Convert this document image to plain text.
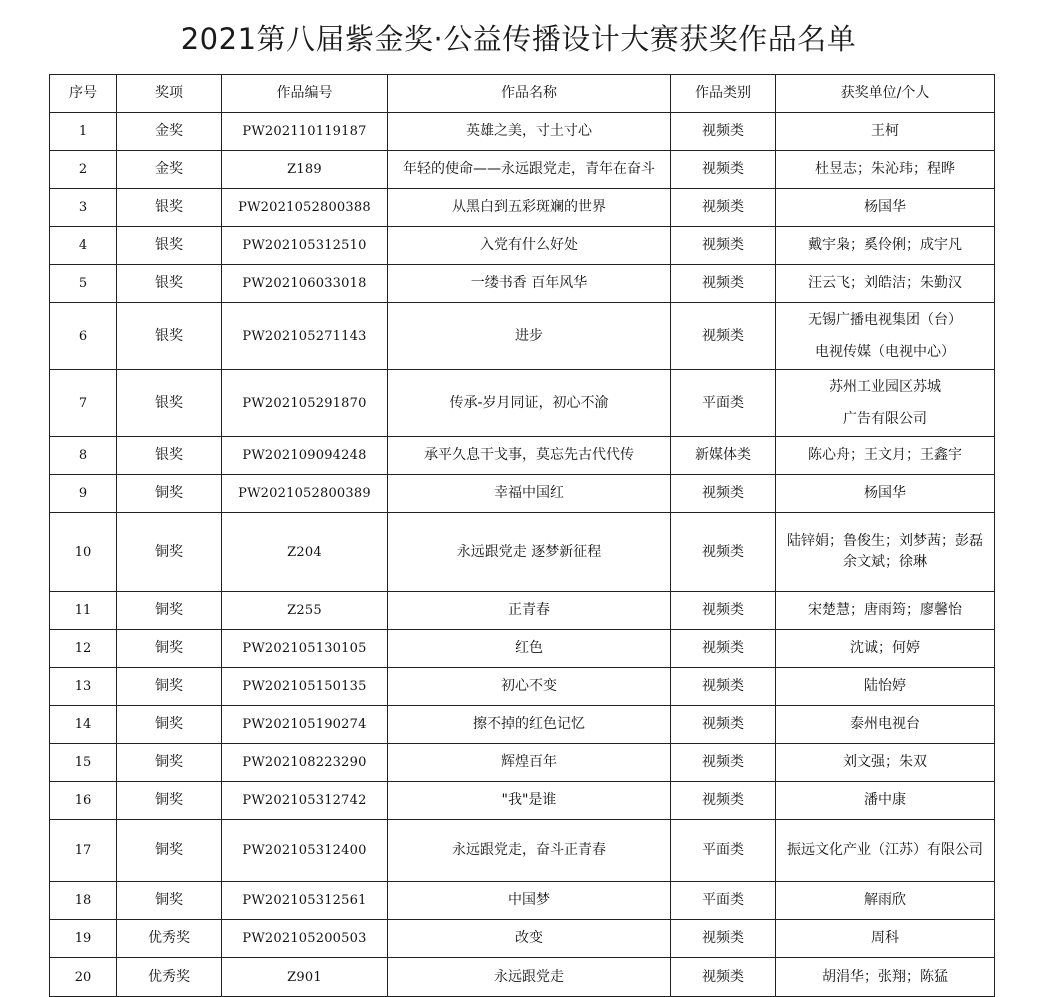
2021第八届紫金奖·公益传播设计大赛获奖作品名单
序号	奖项	作品编号	作品名称	作品类别	获奖单位/个人
1	金奖	PW202110119187	英雄之美，寸土寸心	视频类	王柯

2	金奖	Z189	年轻的使命——永远跟党走，青年在奋斗	视频类	杜昱志；朱沁玮；程晔

3	银奖	PW2021052800388	从黑白到五彩斑斓的世界	视频类	杨国华

4	银奖	PW202105312510	入党有什么好处	视频类	戴宇枭；奚伶俐；成宇凡

5	银奖	PW202106033018	一缕书香 百年风华	视频类	汪云飞；刘皓洁；朱勤汉

6	银奖	PW202105271143	进步	视频类	无锡广播电视集团（台）
电视传媒（电视中心）

7	银奖	PW202105291870	传承-岁月同证，初心不渝	平面类	苏州工业园区苏城
广告有限公司

8	银奖	PW202109094248	承平久息干戈事，莫忘先古代代传	新媒体类	陈心舟；王文月；王鑫宇

9	铜奖	PW2021052800389	幸福中国红	视频类	杨国华

10	铜奖	Z204	永远跟党走 逐梦新征程	视频类	陆锌娟；鲁俊生；刘梦茜；彭磊
余文斌；徐琳

11	铜奖	Z255	正青春	视频类	宋楚慧；唐雨筠；廖馨怡

12	铜奖	PW202105130105	红色	视频类	沈诚；何婷

13	铜奖	PW202105150135	初心不变	视频类	陆怡婷

14	铜奖	PW202105190274	擦不掉的红色记忆	视频类	泰州电视台

15	铜奖	PW202108223290	辉煌百年	视频类	刘文强；朱双

16	铜奖	PW202105312742	"我"是谁	视频类	潘中康

17	铜奖	PW202105312400	永远跟党走，奋斗正青春	平面类	振远文化产业（江苏）有限公司

18	铜奖	PW202105312561	中国梦	平面类	解雨欣

19	优秀奖	PW202105200503	改变	视频类	周科

20	优秀奖	Z901	永远跟党走	视频类	胡涓华；张翔；陈猛
